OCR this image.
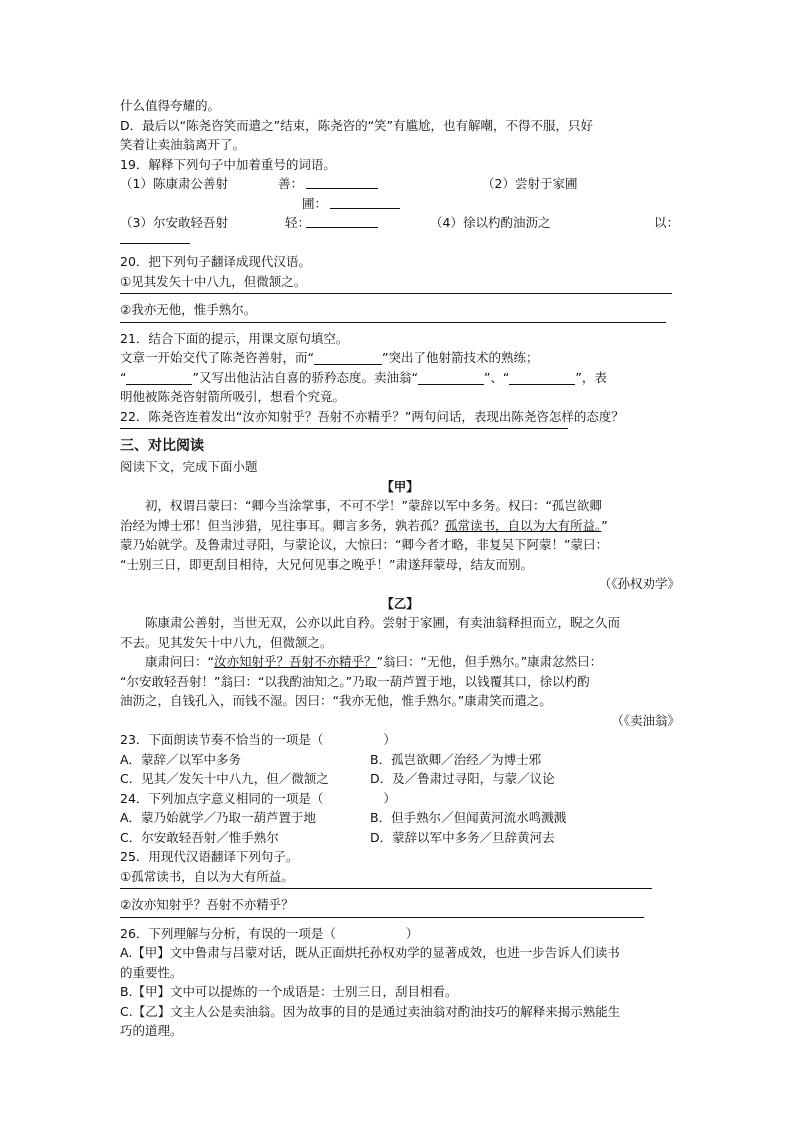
什么值得夸耀的。
D．最后以“陈尧咨笑而遣之”结束，陈尧咨的“笑”有尴尬，也有解嘲，不得不服，只好
笑着让卖油翁离开了。
19．解释下列句子中加着重号的词语。
（1）陈康肃公善射	善：	（2）尝射于家圃
圃：
（3）尔安敢轻吾射	轻：	（4）徐以杓酌油沥之	以：
20．把下列句子翻译成现代汉语。
①见其发矢十中八九，但微颔之。
②我亦无他，惟手熟尔。
21．结合下面的提示，用课文原句填空。
文章一开始交代了陈尧咨善射，而“	”突出了他射箭技术的熟练；
“	”又写出他沾沾自喜的骄矜态度。卖油翁“	”、“	”，表
明他被陈尧咨射箭所吸引，想看个究竟。
22．陈尧咨连着发出“汝亦知射乎？吾射不亦精乎？”两句问话，表现出陈尧咨怎样的态度？
三、对比阅读
阅读下文，完成下面小题
【甲】
初，权谓吕蒙曰：“卿今当涂掌事，不可不学！”蒙辞以军中多务。权曰：“孤岂欲卿
治经为博士邪！但当涉猎，见往事耳。卿言多务，孰若孤？孤常读书，自以为大有所益。”
蒙乃始就学。及鲁肃过寻阳，与蒙论议，大惊曰：“卿今者才略，非复吴下阿蒙！”蒙曰：
“士别三日，即更刮目相待，大兄何见事之晚乎！”肃遂拜蒙母，结友而别。
（《孙权劝学》
【乙】
陈康肃公善射，当世无双，公亦以此自矜。尝射于家圃，有卖油翁释担而立，睨之久而
不去。见其发矢十中八九，但微颔之。
康肃问曰：“汝亦知射乎？吾射不亦精乎？”翁曰：“无他，但手熟尔。”康肃忿然曰：
“尔安敢轻吾射！”翁曰：“以我酌油知之。”乃取一葫芦置于地，以钱覆其口，徐以杓酌
油沥之，自钱孔入，而钱不湿。因曰：“我亦无他，惟手熟尔。”康肃笑而遣之。
（《卖油翁》
23．下面朗读节奏不恰当的一项是（	）
A．蒙辞／以军中多务	B．孤岂欲卿／治经／为博士邪
C．见其／发矢十中八九，但／微颔之	D．及／鲁肃过寻阳，与蒙／议论
24．下列加点字意义相同的一项是（	）
A．蒙乃始就学／乃取一葫芦置于地	B．但手熟尔／但闻黄河流水鸣溅溅
C．尔安敢轻吾射／惟手熟尔	D．蒙辞以军中多务／旦辞黄河去
25．用现代汉语翻译下列句子。
①孤常读书，自以为大有所益。
②汝亦知射乎？吾射不亦精乎？
26．下列理解与分析，有误的一项是（	）
A.【甲】文中鲁肃与吕蒙对话，既从正面烘托孙权劝学的显著成效，也进一步告诉人们读书
的重要性。
B.【甲】文中可以提炼的一个成语是：士别三日，刮目相看。
C.【乙】文主人公是卖油翁。因为故事的目的是通过卖油翁对酌油技巧的解释来揭示熟能生
巧的道理。
